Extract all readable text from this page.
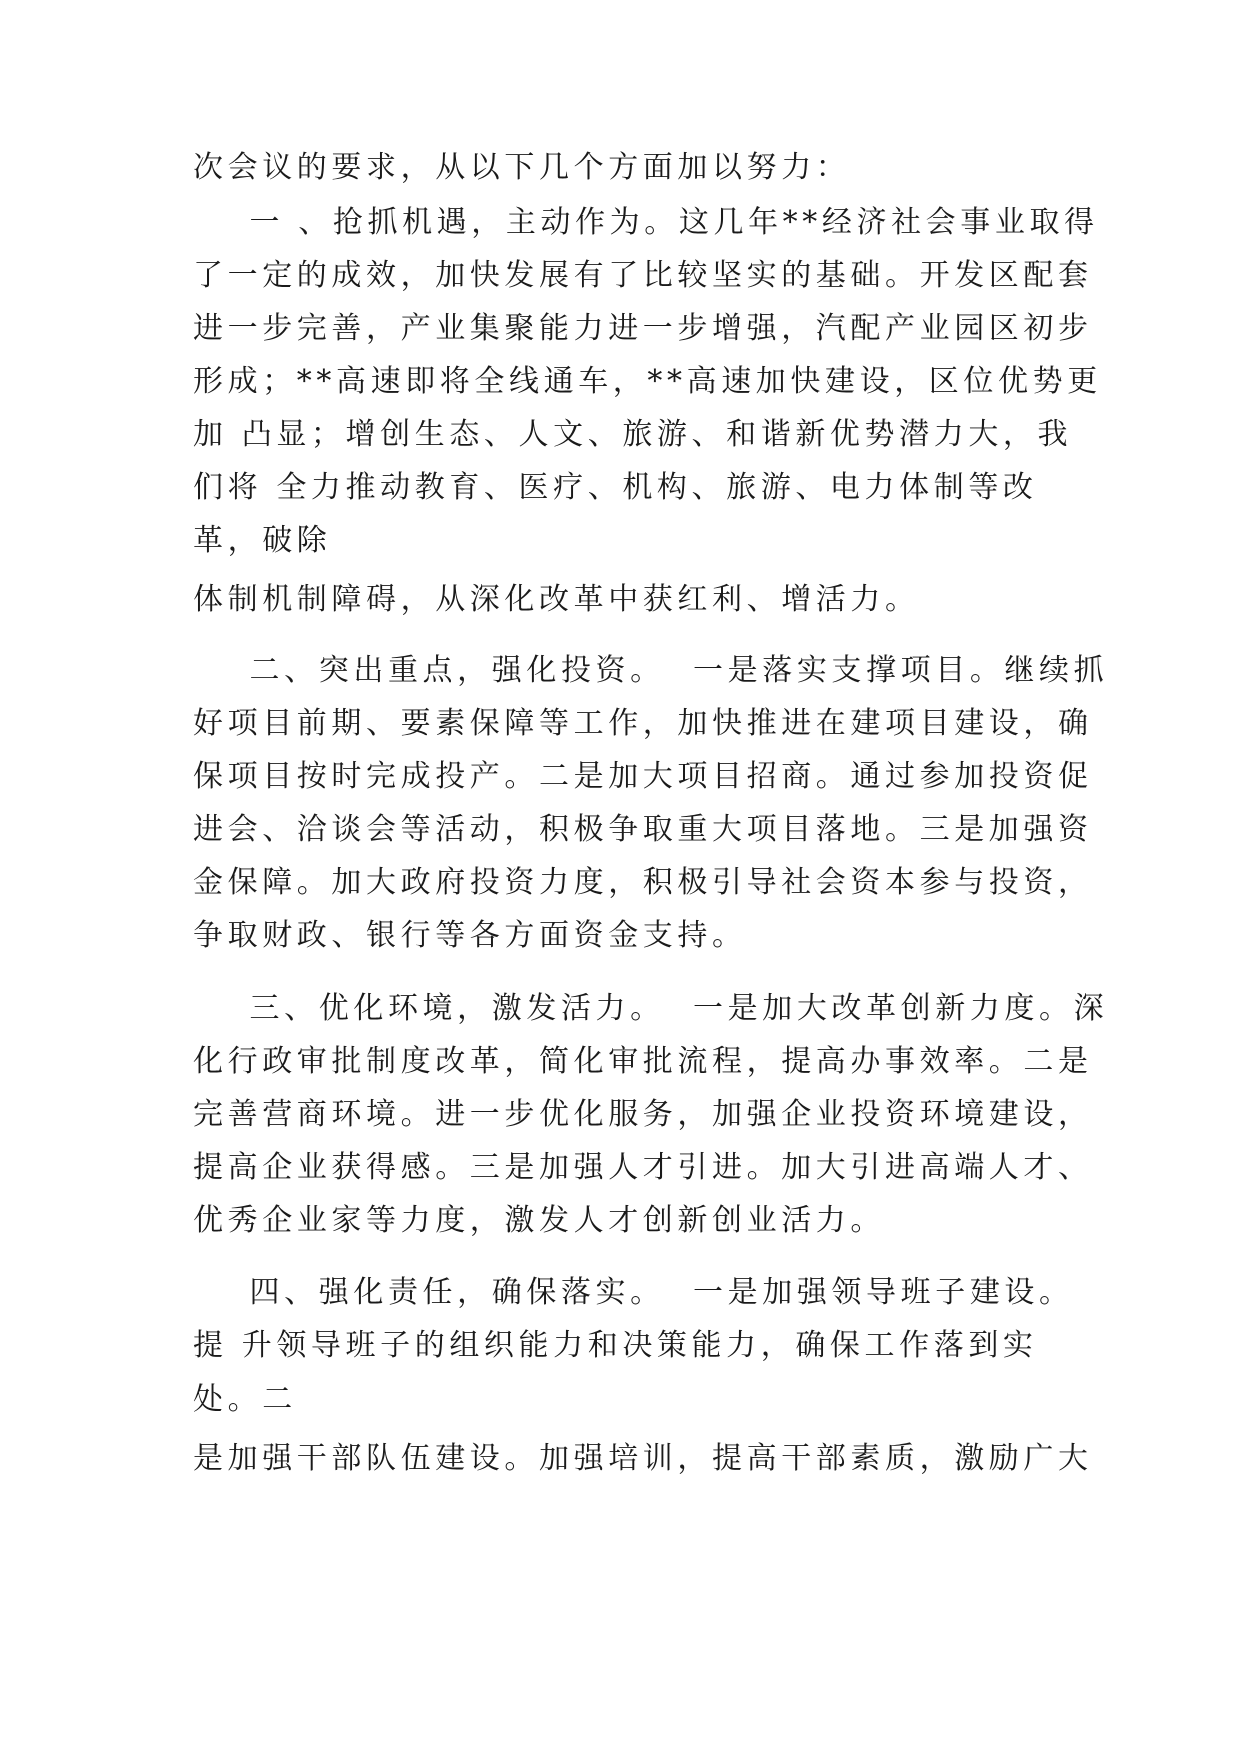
次会议的要求，从以下几个方面加以努力：
一 、抢抓机遇，主动作为。这几年**经济社会事业取得
了一定的成效，加快发展有了比较坚实的基础。开发区配套
进一步完善，产业集聚能力进一步增强，汽配产业园区初步
形成；**高速即将全线通车，**高速加快建设，区位优势更
加 凸显；增创生态、人文、旅游、和谐新优势潜力大，我
们将 全力推动教育、医疗、机构、旅游、电力体制等改
革，破除
体制机制障碍，从深化改革中获红利、增活力。
二、突出重点，强化投资。  一是落实支撑项目。继续抓
好项目前期、要素保障等工作，加快推进在建项目建设，确
保项目按时完成投产。二是加大项目招商。通过参加投资促
进会、洽谈会等活动，积极争取重大项目落地。三是加强资
金保障。加大政府投资力度，积极引导社会资本参与投资，
争取财政、银行等各方面资金支持。
三、优化环境，激发活力。  一是加大改革创新力度。深
化行政审批制度改革，简化审批流程，提高办事效率。二是
完善营商环境。进一步优化服务，加强企业投资环境建设，
提高企业获得感。三是加强人才引进。加大引进高端人才、
优秀企业家等力度，激发人才创新创业活力。
四、强化责任，确保落实。  一是加强领导班子建设。
提 升领导班子的组织能力和决策能力，确保工作落到实
处。二
是加强干部队伍建设。加强培训，提高干部素质，激励广大
